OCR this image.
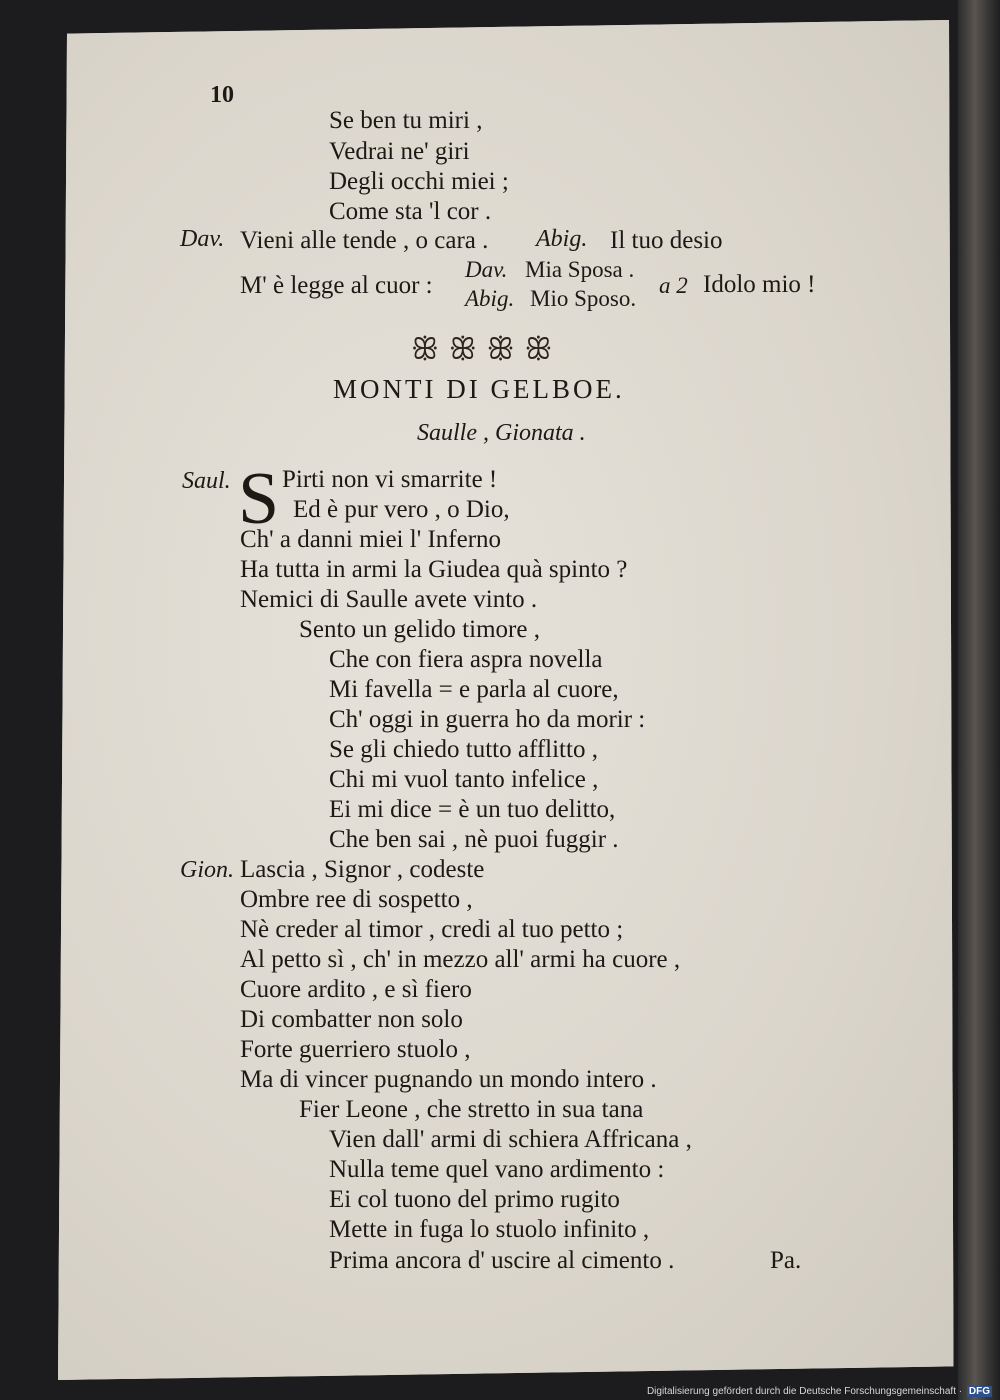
10
Se ben tu miri ,
Vedrai ne' giri
Degli occhi miei ;
Come sta 'l cor .
Dav. Vieni alle tende , o cara . Abig. Il tuo desio
M' è legge al cuor :
Dav. Mia Sposa .
Abig. Mio Sposo.
a 2 Idolo mio !
ꕥꕥꕥꕥ
MONTI DI GELBOE.
Saulle , Gionata .
Saul. S Pirti non vi smarrite !
Ed è pur vero , o Dio,
Ch' a danni miei l' Inferno
Ha tutta in armi la Giudea quà spinto ?
Nemici di Saulle avete vinto .
Sento un gelido timore ,
Che con fiera aspra novella
Mi favella = e parla al cuore,
Ch' oggi in guerra ho da morir :
Se gli chiedo tutto afflitto ,
Chi mi vuol tanto infelice ,
Ei mi dice = è un tuo delitto,
Che ben sai , nè puoi fuggir .
Gion. Lascia , Signor , codeste
Ombre ree di sospetto ,
Nè creder al timor , credi al tuo petto ;
Al petto sì , ch' in mezzo all' armi ha cuore ,
Cuore ardito , e sì fiero
Di combatter non solo
Forte guerriero stuolo ,
Ma di vincer pugnando un mondo intero .
Fier Leone , che stretto in sua tana
Vien dall' armi di schiera Affricana ,
Nulla teme quel vano ardimento :
Ei col tuono del primo rugito
Mette in fuga lo stuolo infinito ,
Prima ancora d' uscire al cimento .	Pa.
Digitalisierung gefördert durch die Deutsche Forschungsgemeinschaft · DFG
